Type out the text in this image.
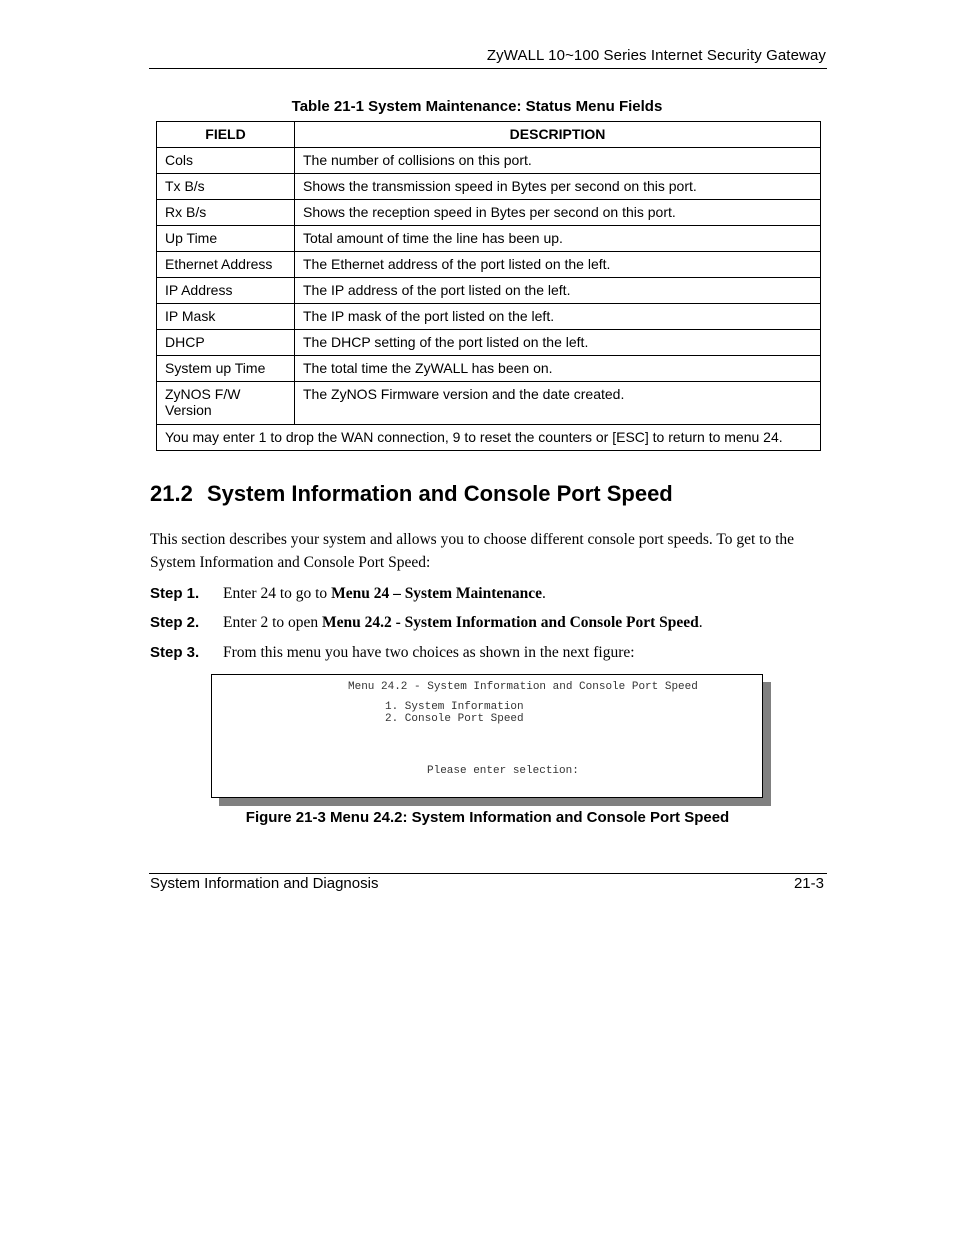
ZyWALL 10~100 Series Internet Security Gateway
Table 21-1 System Maintenance: Status Menu Fields
FIELD	DESCRIPTION
Cols	The number of collisions on this port.
Tx B/s	Shows the transmission speed in Bytes per second on this port.
Rx B/s	Shows the reception speed in Bytes per second on this port.
Up Time	Total amount of time the line has been up.
Ethernet Address	The Ethernet address of the port listed on the left.
IP Address	The IP address of the port listed on the left.
IP Mask	The IP mask of the port listed on the left.
DHCP	The DHCP setting of the port listed on the left.
System up Time	The total time the ZyWALL has been on.
ZyNOS F/W Version	The ZyNOS Firmware version and the date created.
You may enter 1 to drop the WAN connection, 9 to reset the counters or [ESC] to return to menu 24.	
21.2 System Information and Console Port Speed
This section describes your system and allows you to choose different console port speeds. To get to the System Information and Console Port Speed:
Step 1. Enter 24 to go to Menu 24 – System Maintenance.
Step 2. Enter 2 to open Menu 24.2 - System Information and Console Port Speed.
Step 3. From this menu you have two choices as shown in the next figure:
Menu 24.2 - System Information and Console Port Speed
1. System Information
2. Console Port Speed
Please enter selection:
Figure 21-3 Menu 24.2: System Information and Console Port Speed
System Information and Diagnosis	21-3
